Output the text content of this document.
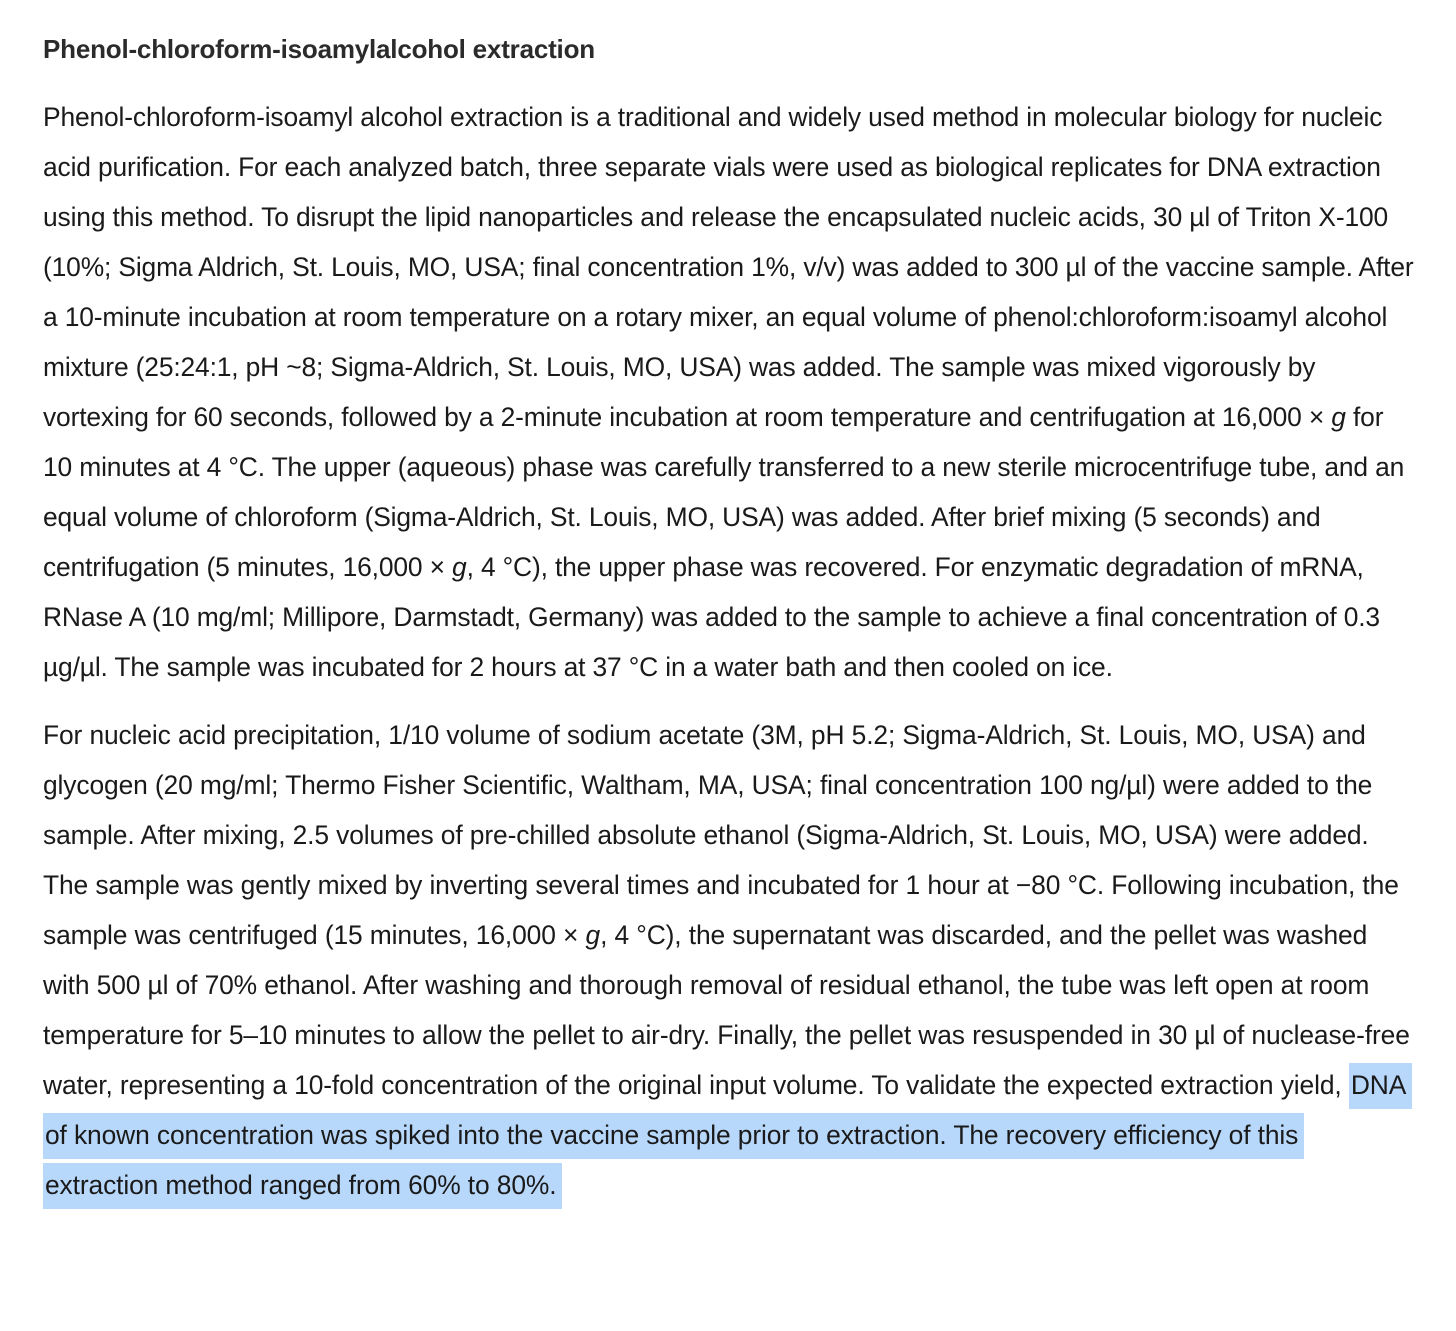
Phenol-chloroform-isoamylalcohol extraction

Phenol-chloroform-isoamyl alcohol extraction is a traditional and widely used method in molecular biology for nucleic acid purification. For each analyzed batch, three separate vials were used as biological replicates for DNA extraction using this method. To disrupt the lipid nanoparticles and release the encapsulated nucleic acids, 30 µl of Triton X-100 (10%; Sigma Aldrich, St. Louis, MO, USA; final concentration 1%, v/v) was added to 300 µl of the vaccine sample. After a 10-minute incubation at room temperature on a rotary mixer, an equal volume of phenol:chloroform:isoamyl alcohol mixture (25:24:1, pH ~8; Sigma-Aldrich, St. Louis, MO, USA) was added. The sample was mixed vigorously by vortexing for 60 seconds, followed by a 2-minute incubation at room temperature and centrifugation at 16,000 × g for 10 minutes at 4 °C. The upper (aqueous) phase was carefully transferred to a new sterile microcentrifuge tube, and an equal volume of chloroform (Sigma-Aldrich, St. Louis, MO, USA) was added. After brief mixing (5 seconds) and centrifugation (5 minutes, 16,000 × g, 4 °C), the upper phase was recovered. For enzymatic degradation of mRNA, RNase A (10 mg/ml; Millipore, Darmstadt, Germany) was added to the sample to achieve a final concentration of 0.3 µg/µl. The sample was incubated for 2 hours at 37 °C in a water bath and then cooled on ice.

For nucleic acid precipitation, 1/10 volume of sodium acetate (3M, pH 5.2; Sigma-Aldrich, St. Louis, MO, USA) and glycogen (20 mg/ml; Thermo Fisher Scientific, Waltham, MA, USA; final concentration 100 ng/µl) were added to the sample. After mixing, 2.5 volumes of pre-chilled absolute ethanol (Sigma-Aldrich, St. Louis, MO, USA) were added. The sample was gently mixed by inverting several times and incubated for 1 hour at −80 °C. Following incubation, the sample was centrifuged (15 minutes, 16,000 × g, 4 °C), the supernatant was discarded, and the pellet was washed with 500 µl of 70% ethanol. After washing and thorough removal of residual ethanol, the tube was left open at room temperature for 5–10 minutes to allow the pellet to air-dry. Finally, the pellet was resuspended in 30 µl of nuclease-free water, representing a 10-fold concentration of the original input volume. To validate the expected extraction yield, DNA of known concentration was spiked into the vaccine sample prior to extraction. The recovery efficiency of this extraction method ranged from 60% to 80%.
